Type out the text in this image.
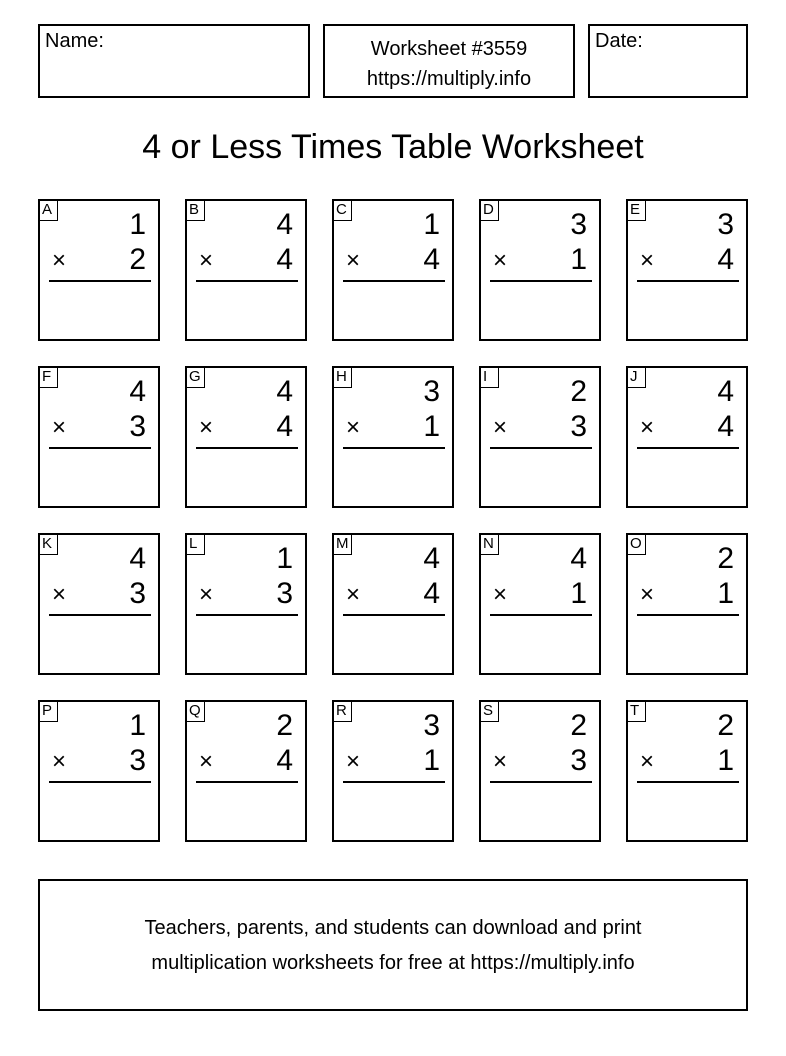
Name:	Worksheet #3559
https://multiply.info
Date:
4 or Less Times Table Worksheet
A	1
× 2
B	4
× 4
C	1
× 4
D	3
× 1
E	3
× 4
F	4
× 3
G	4
× 4
H	3
× 1
I	2
× 3
J	4
× 4
K	4
× 3
L	1
× 3
M 4
× 4
N	4
× 1
O	2
× 1
P	1
× 3
Q	2
× 4
R	3
× 1
S	2
× 3
T	2
× 1
Teachers, parents, and students can download and print
multiplication worksheets for free at https://multiply.info
